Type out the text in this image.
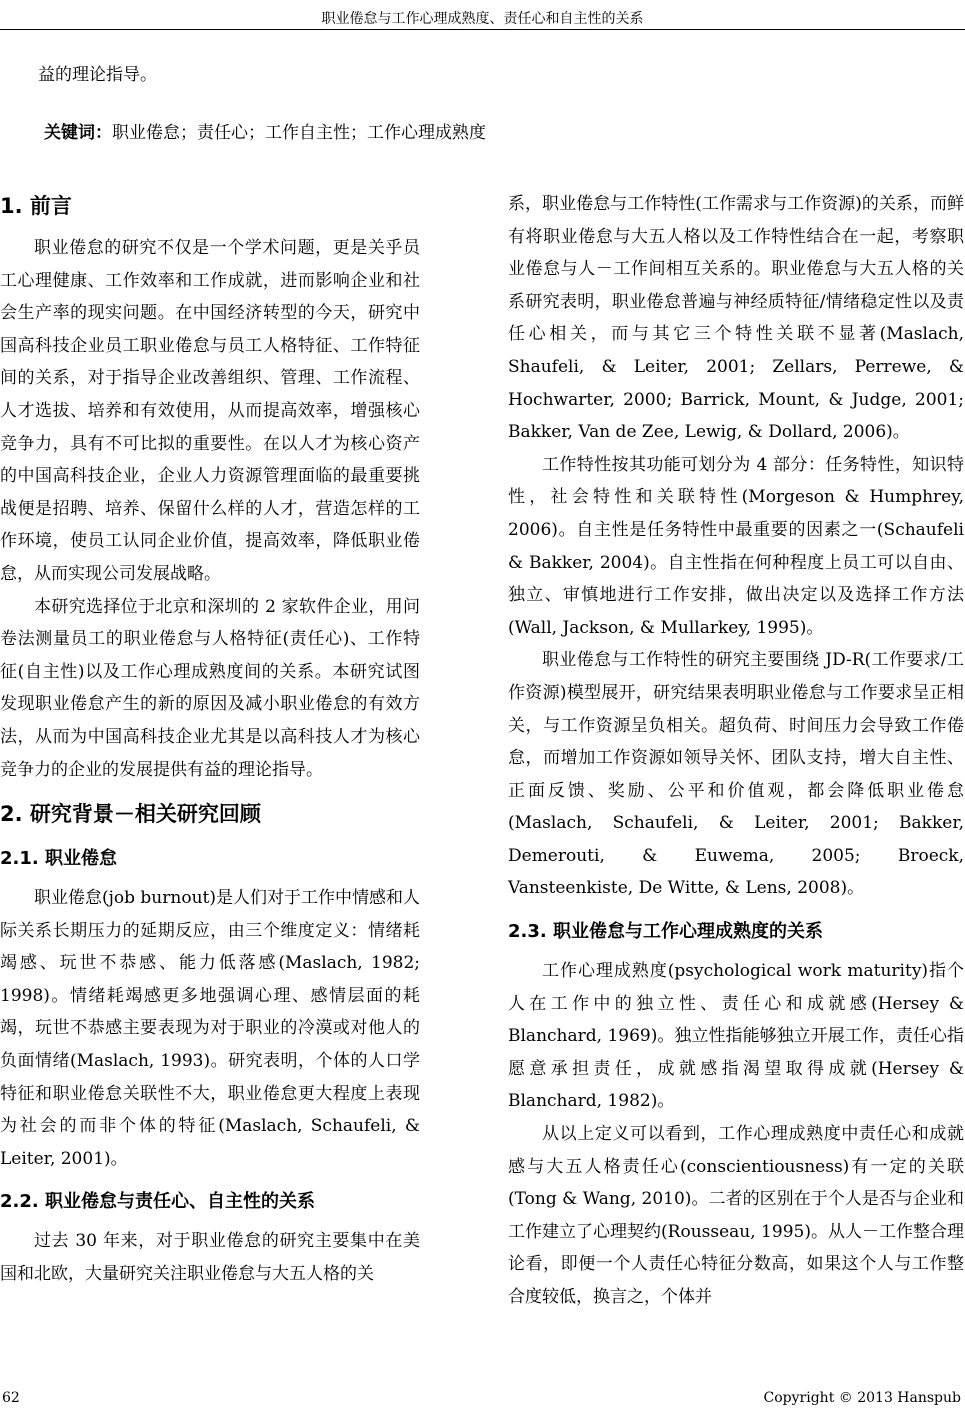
职业倦怠与工作心理成熟度、责任心和自主性的关系
益的理论指导。
关键词：职业倦怠；责任心；工作自主性；工作心理成熟度
1. 前言

职业倦怠的研究不仅是一个学术问题，更是关乎员工心理健康、工作效率和工作成就，进而影响企业和社会生产率的现实问题。在中国经济转型的今天，研究中国高科技企业员工职业倦怠与员工人格特征、工作特征间的关系，对于指导企业改善组织、管理、工作流程、人才选拔、培养和有效使用，从而提高效率，增强核心竞争力，具有不可比拟的重要性。在以人才为核心资产的中国高科技企业，企业人力资源管理面临的最重要挑战便是招聘、培养、保留什么样的人才，营造怎样的工作环境，使员工认同企业价值，提高效率，降低职业倦怠，从而实现公司发展战略。

本研究选择位于北京和深圳的 2 家软件企业，用问卷法测量员工的职业倦怠与人格特征(责任心)、工作特征(自主性)以及工作心理成熟度间的关系。本研究试图发现职业倦怠产生的新的原因及减小职业倦怠的有效方法，从而为中国高科技企业尤其是以高科技人才为核心竞争力的企业的发展提供有益的理论指导。

2. 研究背景－相关研究回顾
2.1. 职业倦怠

职业倦怠(job burnout)是人们对于工作中情感和人际关系长期压力的延期反应，由三个维度定义：情绪耗竭感、玩世不恭感、能力低落感(Maslach, 1982; 1998)。情绪耗竭感更多地强调心理、感情层面的耗竭，玩世不恭感主要表现为对于职业的冷漠或对他人的负面情绪(Maslach, 1993)。研究表明，个体的人口学特征和职业倦怠关联性不大，职业倦怠更大程度上表现为社会的而非个体的特征(Maslach, Schaufeli, & Leiter, 2001)。

2.2. 职业倦怠与责任心、自主性的关系

过去 30 年来，对于职业倦怠的研究主要集中在美国和北欧，大量研究关注职业倦怠与大五人格的关

系，职业倦怠与工作特性(工作需求与工作资源)的关系，而鲜有将职业倦怠与大五人格以及工作特性结合在一起，考察职业倦怠与人－工作间相互关系的。职业倦怠与大五人格的关系研究表明，职业倦怠普遍与神经质特征/情绪稳定性以及责任心相关，而与其它三个特性关联不显著(Maslach, Shaufeli, & Leiter, 2001; Zellars, Perrewe, & Hochwarter, 2000; Barrick, Mount, & Judge, 2001; Bakker, Van de Zee, Lewig, & Dollard, 2006)。

工作特性按其功能可划分为 4 部分：任务特性，知识特性，社会特性和关联特性(Morgeson & Humphrey, 2006)。自主性是任务特性中最重要的因素之一(Schaufeli & Bakker, 2004)。自主性指在何种程度上员工可以自由、独立、审慎地进行工作安排，做出决定以及选择工作方法(Wall, Jackson, & Mullarkey, 1995)。

职业倦怠与工作特性的研究主要围绕 JD-R(工作要求/工作资源)模型展开，研究结果表明职业倦怠与工作要求呈正相关，与工作资源呈负相关。超负荷、时间压力会导致工作倦怠，而增加工作资源如领导关怀、团队支持，增大自主性、正面反馈、奖励、公平和价值观，都会降低职业倦怠(Maslach, Schaufeli, & Leiter, 2001; Bakker, Demerouti, & Euwema, 2005; Broeck, Vansteenkiste, De Witte, & Lens, 2008)。

2.3. 职业倦怠与工作心理成熟度的关系

工作心理成熟度(psychological work maturity)指个人在工作中的独立性、责任心和成就感(Hersey & Blanchard, 1969)。独立性指能够独立开展工作，责任心指愿意承担责任，成就感指渴望取得成就(Hersey & Blanchard, 1982)。

从以上定义可以看到，工作心理成熟度中责任心和成就感与大五人格责任心(conscientiousness)有一定的关联(Tong & Wang, 2010)。二者的区别在于个人是否与企业和工作建立了心理契约(Rousseau, 1995)。从人－工作整合理论看，即便一个人责任心特征分数高，如果这个人与工作整合度较低，换言之，个体并

62	Copyright © 2013 Hanspub
